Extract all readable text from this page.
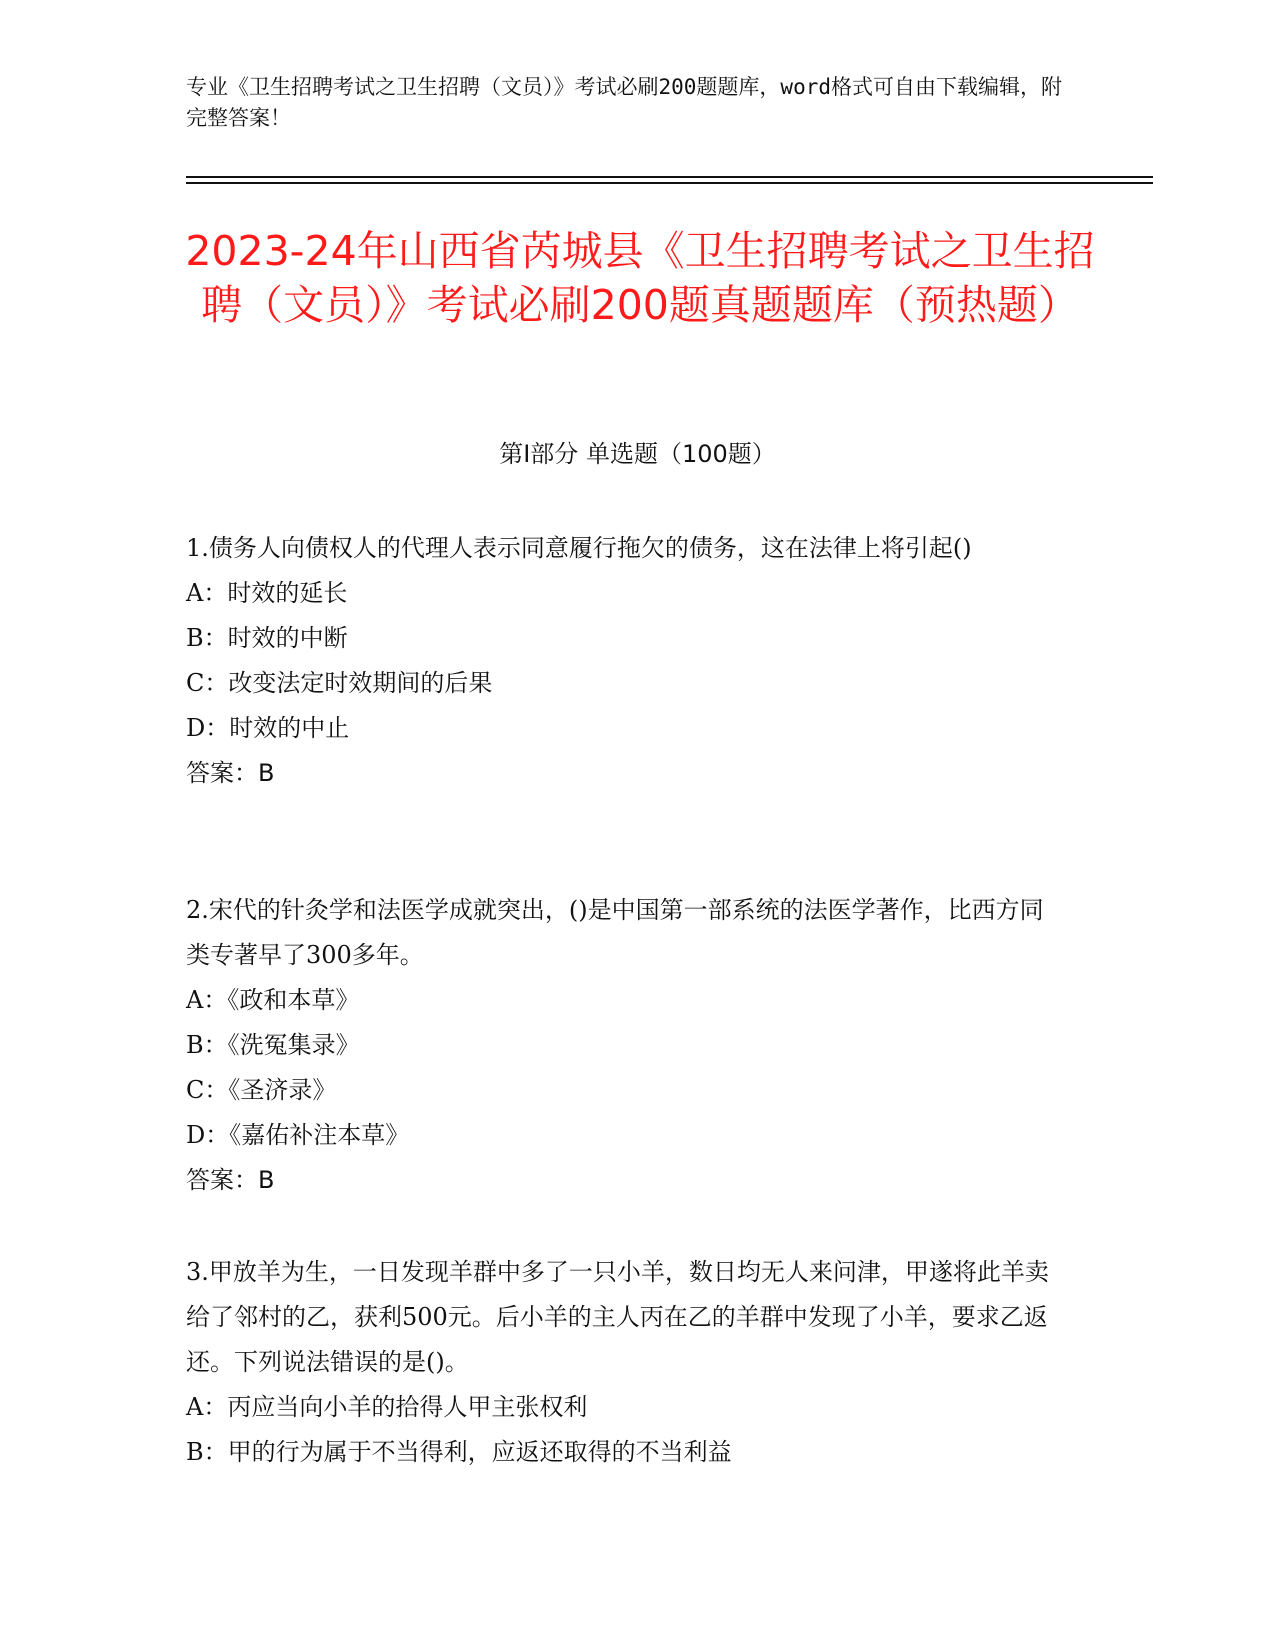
专业《卫生招聘考试之卫生招聘（文员）》考试必刷200题题库，word格式可自由下载编辑，附完整答案！
2023-24年山西省芮城县《卫生招聘考试之卫生招聘（文员）》考试必刷200题真题题库（预热题）
第I部分 单选题（100题）
1.债务人向债权人的代理人表示同意履行拖欠的债务，这在法律上将引起()
A：时效的延长
B：时效的中断
C：改变法定时效期间的后果
D：时效的中止
答案：B
2.宋代的针灸学和法医学成就突出，()是中国第一部系统的法医学著作，比西方同类专著早了300多年。
A：《政和本草》
B：《洗冤集录》
C：《圣济录》
D：《嘉佑补注本草》
答案：B
3.甲放羊为生，一日发现羊群中多了一只小羊，数日均无人来问津，甲遂将此羊卖给了邻村的乙，获利500元。后小羊的主人丙在乙的羊群中发现了小羊，要求乙返还。下列说法错误的是()。
A：丙应当向小羊的拾得人甲主张权利
B：甲的行为属于不当得利，应返还取得的不当利益
